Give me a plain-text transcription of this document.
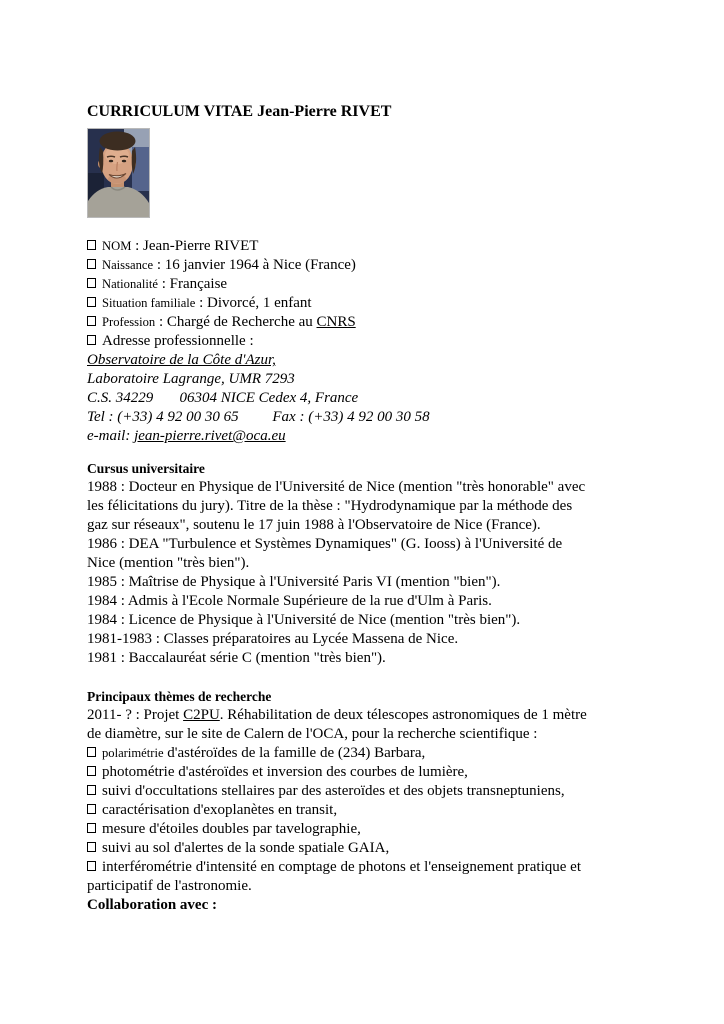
CURRICULUM VITAE Jean-Pierre RIVET
NOM : Jean-Pierre RIVET
Naissance : 16 janvier 1964 à Nice (France)
Nationalité : Française
Situation familiale : Divorcé, 1 enfant
Profession : Chargé de Recherche au CNRS
Adresse professionnelle :
Observatoire de la Côte d'Azur,
Laboratoire Lagrange, UMR 7293
C.S. 34229       06304 NICE Cedex 4, France
Tel : (+33) 4 92 00 30 65         Fax : (+33) 4 92 00 30 58
e-mail: jean-pierre.rivet@oca.eu
Cursus universitaire
1988 : Docteur en Physique de l'Université de Nice (mention "très honorable" avec
les félicitations du jury). Titre de la thèse : "Hydrodynamique par la méthode des
gaz sur réseaux", soutenu le 17 juin 1988 à l'Observatoire de Nice (France).
1986 : DEA "Turbulence et Systèmes Dynamiques" (G. Iooss) à l'Université de
Nice (mention "très bien").
1985 : Maîtrise de Physique à l'Université Paris VI (mention "bien").
1984 : Admis à l'Ecole Normale Supérieure de la rue d'Ulm à Paris.
1984 : Licence de Physique à l'Université de Nice (mention "très bien").
1981-1983 : Classes préparatoires au Lycée Massena de Nice.
1981 : Baccalauréat série C (mention "très bien").
Principaux thèmes de recherche
2011- ? : Projet C2PU. Réhabilitation de deux télescopes astronomiques de 1 mètre
de diamètre, sur le site de Calern de l'OCA, pour la recherche scientifique :
polarimétrie d'astéroïdes de la famille de (234) Barbara,
photométrie d'astéroïdes et inversion des courbes de lumière,
suivi d'occultations stellaires par des asteroïdes et des objets transneptuniens,
caractérisation d'exoplanètes en transit,
mesure d'étoiles doubles par tavelographie,
suivi au sol d'alertes de la sonde spatiale GAIA,
interférométrie d'intensité en comptage de photons et l'enseignement pratique et
participatif de l'astronomie.
Collaboration avec :
